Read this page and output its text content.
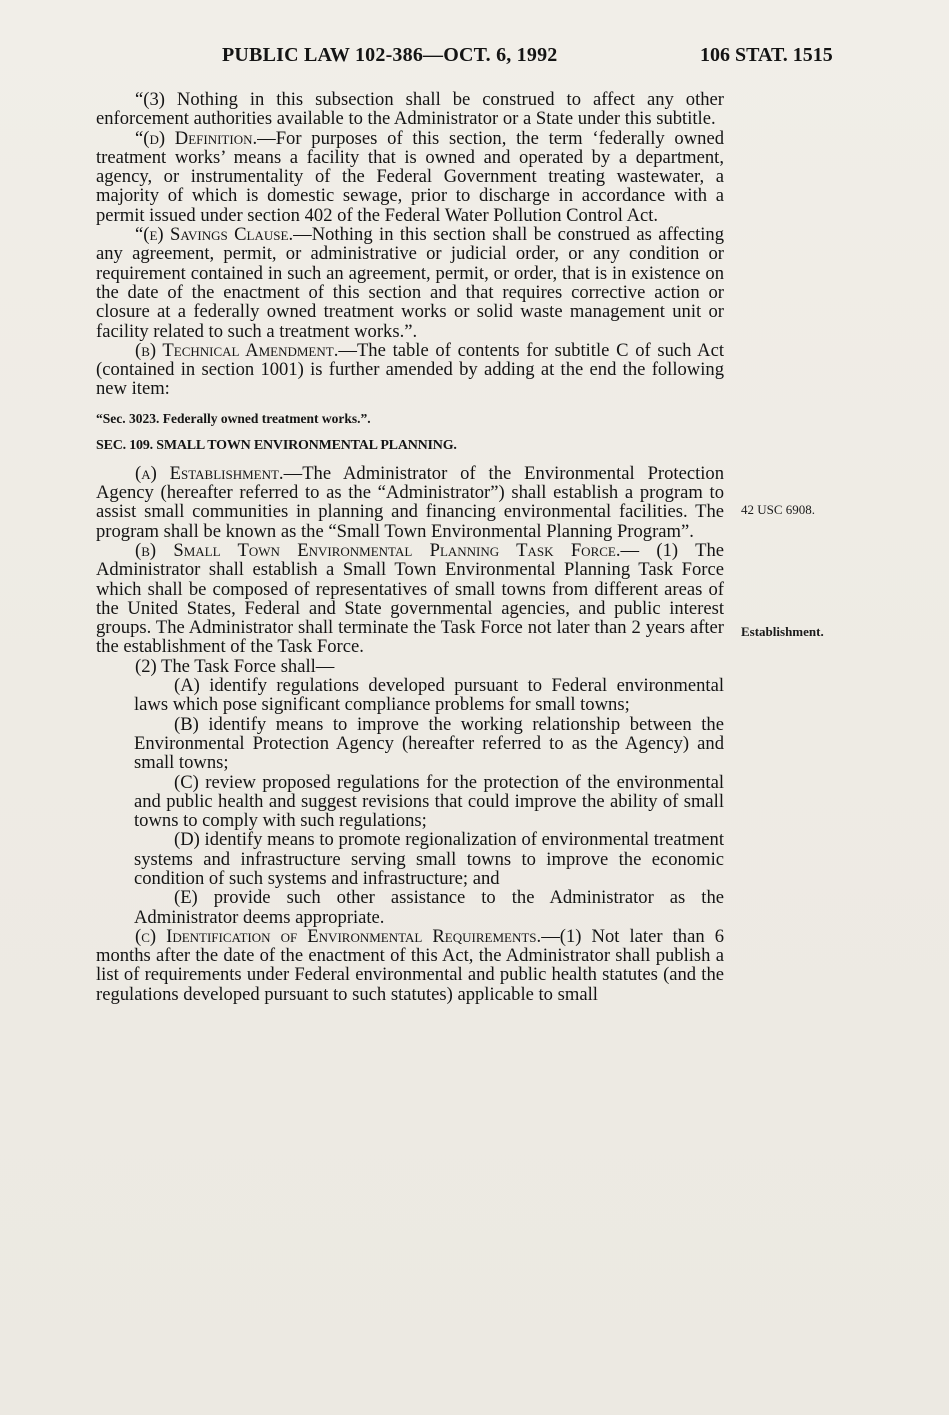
PUBLIC LAW 102-386—OCT. 6, 1992	106 STAT. 1515
42 USC 6908.
Establishment.

“(3) Nothing in this subsection shall be construed to affect any other enforcement authorities available to the Administrator or a State under this subtitle.

“(d) Definition.—For purposes of this section, the term ‘federally owned treatment works’ means a facility that is owned and operated by a department, agency, or instrumentality of the Federal Government treating wastewater, a majority of which is domestic sewage, prior to discharge in accordance with a permit issued under section 402 of the Federal Water Pollution Control Act.

“(e) Savings Clause.—Nothing in this section shall be construed as affecting any agreement, permit, or administrative or judicial order, or any condition or requirement contained in such an agreement, permit, or order, that is in existence on the date of the enactment of this section and that requires corrective action or closure at a federally owned treatment works or solid waste management unit or facility related to such a treatment works.”.

(b) Technical Amendment.—The table of contents for subtitle C of such Act (contained in section 1001) is further amended by adding at the end the following new item:

“Sec. 3023. Federally owned treatment works.”.

SEC. 109. SMALL TOWN ENVIRONMENTAL PLANNING.

(a) Establishment.—The Administrator of the Environmental Protection Agency (hereafter referred to as the “Administrator”) shall establish a program to assist small communities in planning and financing environmental facilities. The program shall be known as the “Small Town Environmental Planning Program”.

(b) Small Town Environmental Planning Task Force.— (1) The Administrator shall establish a Small Town Environmental Planning Task Force which shall be composed of representatives of small towns from different areas of the United States, Federal and State governmental agencies, and public interest groups. The Administrator shall terminate the Task Force not later than 2 years after the establishment of the Task Force.

(2) The Task Force shall—

(A) identify regulations developed pursuant to Federal environmental laws which pose significant compliance problems for small towns;

(B) identify means to improve the working relationship between the Environmental Protection Agency (hereafter referred to as the Agency) and small towns;

(C) review proposed regulations for the protection of the environmental and public health and suggest revisions that could improve the ability of small towns to comply with such regulations;

(D) identify means to promote regionalization of environmental treatment systems and infrastructure serving small towns to improve the economic condition of such systems and infrastructure; and

(E) provide such other assistance to the Administrator as the Administrator deems appropriate.

(c) Identification of Environmental Requirements.—(1) Not later than 6 months after the date of the enactment of this Act, the Administrator shall publish a list of requirements under Federal environmental and public health statutes (and the regulations developed pursuant to such statutes) applicable to small
